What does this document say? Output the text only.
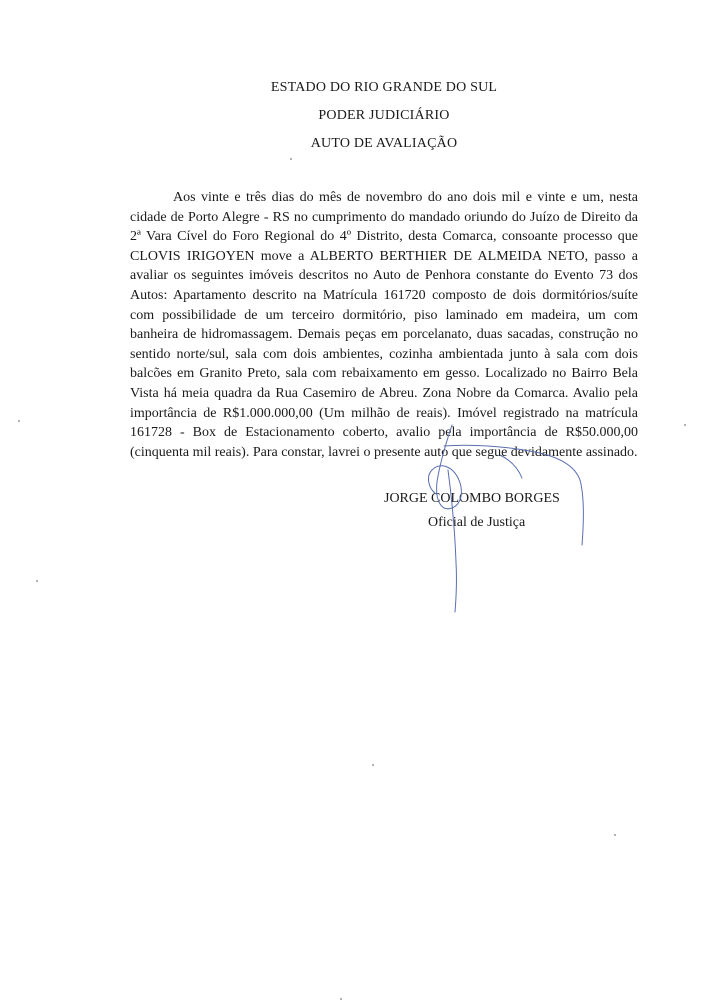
ESTADO DO RIO GRANDE DO SUL
PODER JUDICIÁRIO
AUTO DE AVALIAÇÃO

Aos vinte e três dias do mês de novembro do ano dois mil e vinte e um, nesta cidade de Porto Alegre - RS no cumprimento do mandado oriundo do Juízo de Direito da 2ª Vara Cível do Foro Regional do 4º Distrito, desta Comarca, consoante processo que CLOVIS IRIGOYEN move a ALBERTO BERTHIER DE ALMEIDA NETO, passo a avaliar os seguintes imóveis descritos no Auto de Penhora constante do Evento 73 dos Autos: Apartamento descrito na Matrícula 161720 composto de dois dormitórios/suíte com possibilidade de um terceiro dormitório, piso laminado em madeira, um com banheira de hidromassagem. Demais peças em porcelanato, duas sacadas, construção no sentido norte/sul, sala com dois ambientes, cozinha ambientada junto à sala com dois balcões em Granito Preto, sala com rebaixamento em gesso. Localizado no Bairro Bela Vista há meia quadra da Rua Casemiro de Abreu. Zona Nobre da Comarca. Avalio pela importância de R$1.000.000,00 (Um milhão de reais). Imóvel registrado na matrícula 161728 - Box de Estacionamento coberto, avalio pela importância de R$50.000,00 (cinquenta mil reais). Para constar, lavrei o presente auto que segue devidamente assinado.

JORGE COLOMBO BORGES
Oficial de Justiça
